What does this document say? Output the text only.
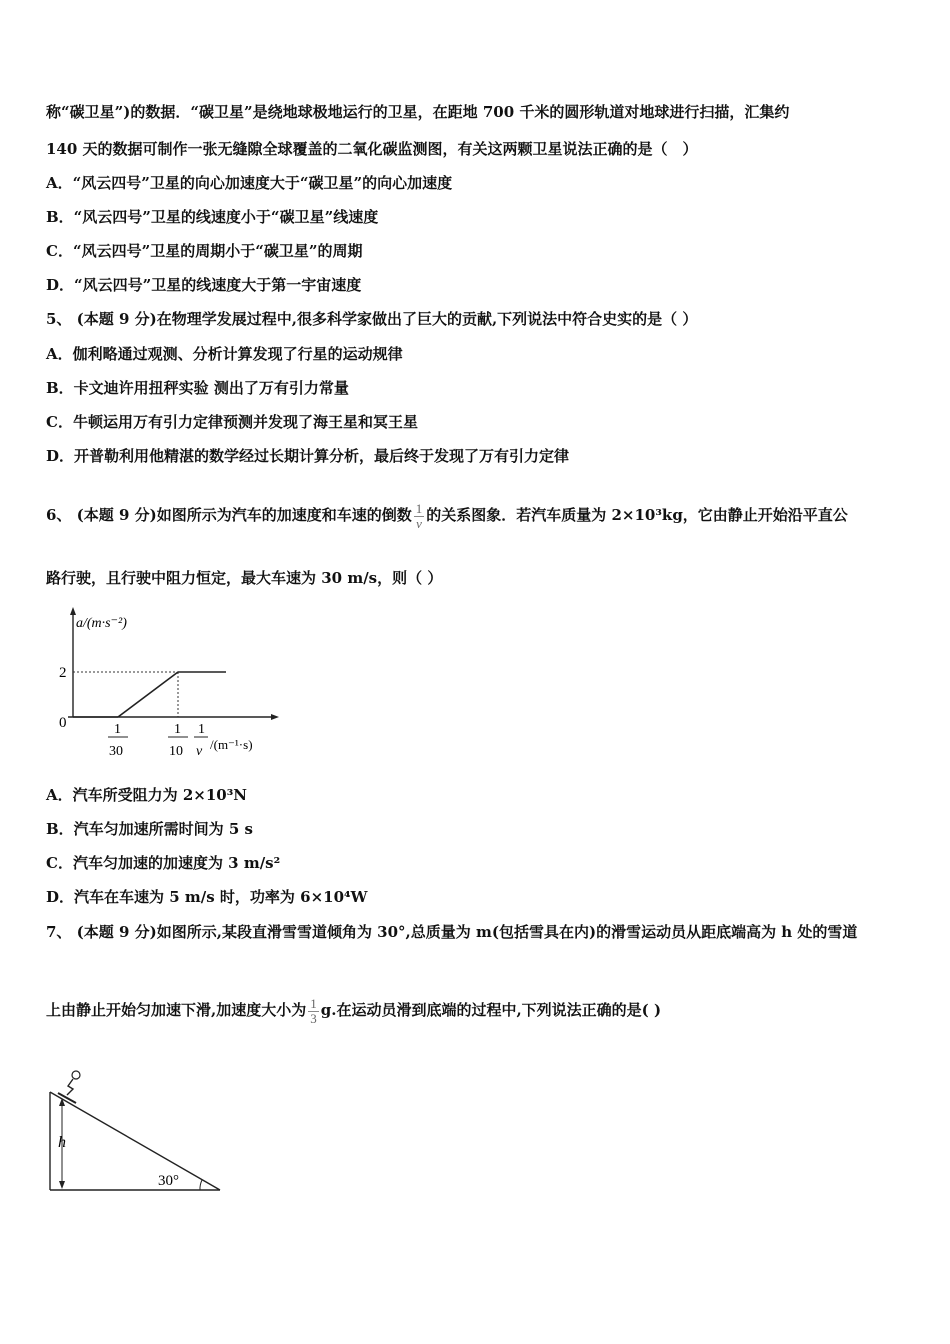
称“碳卫星”)的数据．“碳卫星”是绕地球极地运行的卫星，在距地 700 千米的圆形轨道对地球进行扫描，汇集约
140 天的数据可制作一张无缝隙全球覆盖的二氧化碳监测图，有关这两颗卫星说法正确的是（　）
A．“风云四号”卫星的向心加速度大于“碳卫星”的向心加速度
B．“风云四号”卫星的线速度小于“碳卫星”线速度
C．“风云四号”卫星的周期小于“碳卫星”的周期
D．“风云四号”卫星的线速度大于第一宇宙速度
5、 (本题 9 分)在物理学发展过程中,很多科学家做出了巨大的贡献,下列说法中符合史实的是（ ）
A．伽利略通过观测、分析计算发现了行星的运动规律
B．卡文迪许用扭秤实验 测出了万有引力常量
C．牛顿运用万有引力定律预测并发现了海王星和冥王星
D．开普勒利用他精湛的数学经过长期计算分析，最后终于发现了万有引力定律
6、 (本题 9 分)如图所示为汽车的加速度和车速的倒数 $\frac{1}{v}$ 的关系图象．若汽车质量为 2×10³kg，它由静止开始沿平直公
路行驶，且行驶中阻力恒定，最大车速为 30 m/s，则（ ）
a/(m·s⁻²)
2
0	1
30
1
10
1
v /(m⁻¹·s)
A．汽车所受阻力为 2×10³N
B．汽车匀加速所需时间为 5 s
C．汽车匀加速的加速度为 3 m/s²
D．汽车在车速为 5 m/s 时，功率为 6×10⁴W
7、 (本题 9 分)如图所示,某段直滑雪雪道倾角为 30°,总质量为 m(包括雪具在内)的滑雪运动员从距底端高为 h 处的雪道
上由静止开始匀加速下滑,加速度大小为 $\frac{1}{3} g$.在运动员滑到底端的过程中,下列说法正确的是( )
h
30°
